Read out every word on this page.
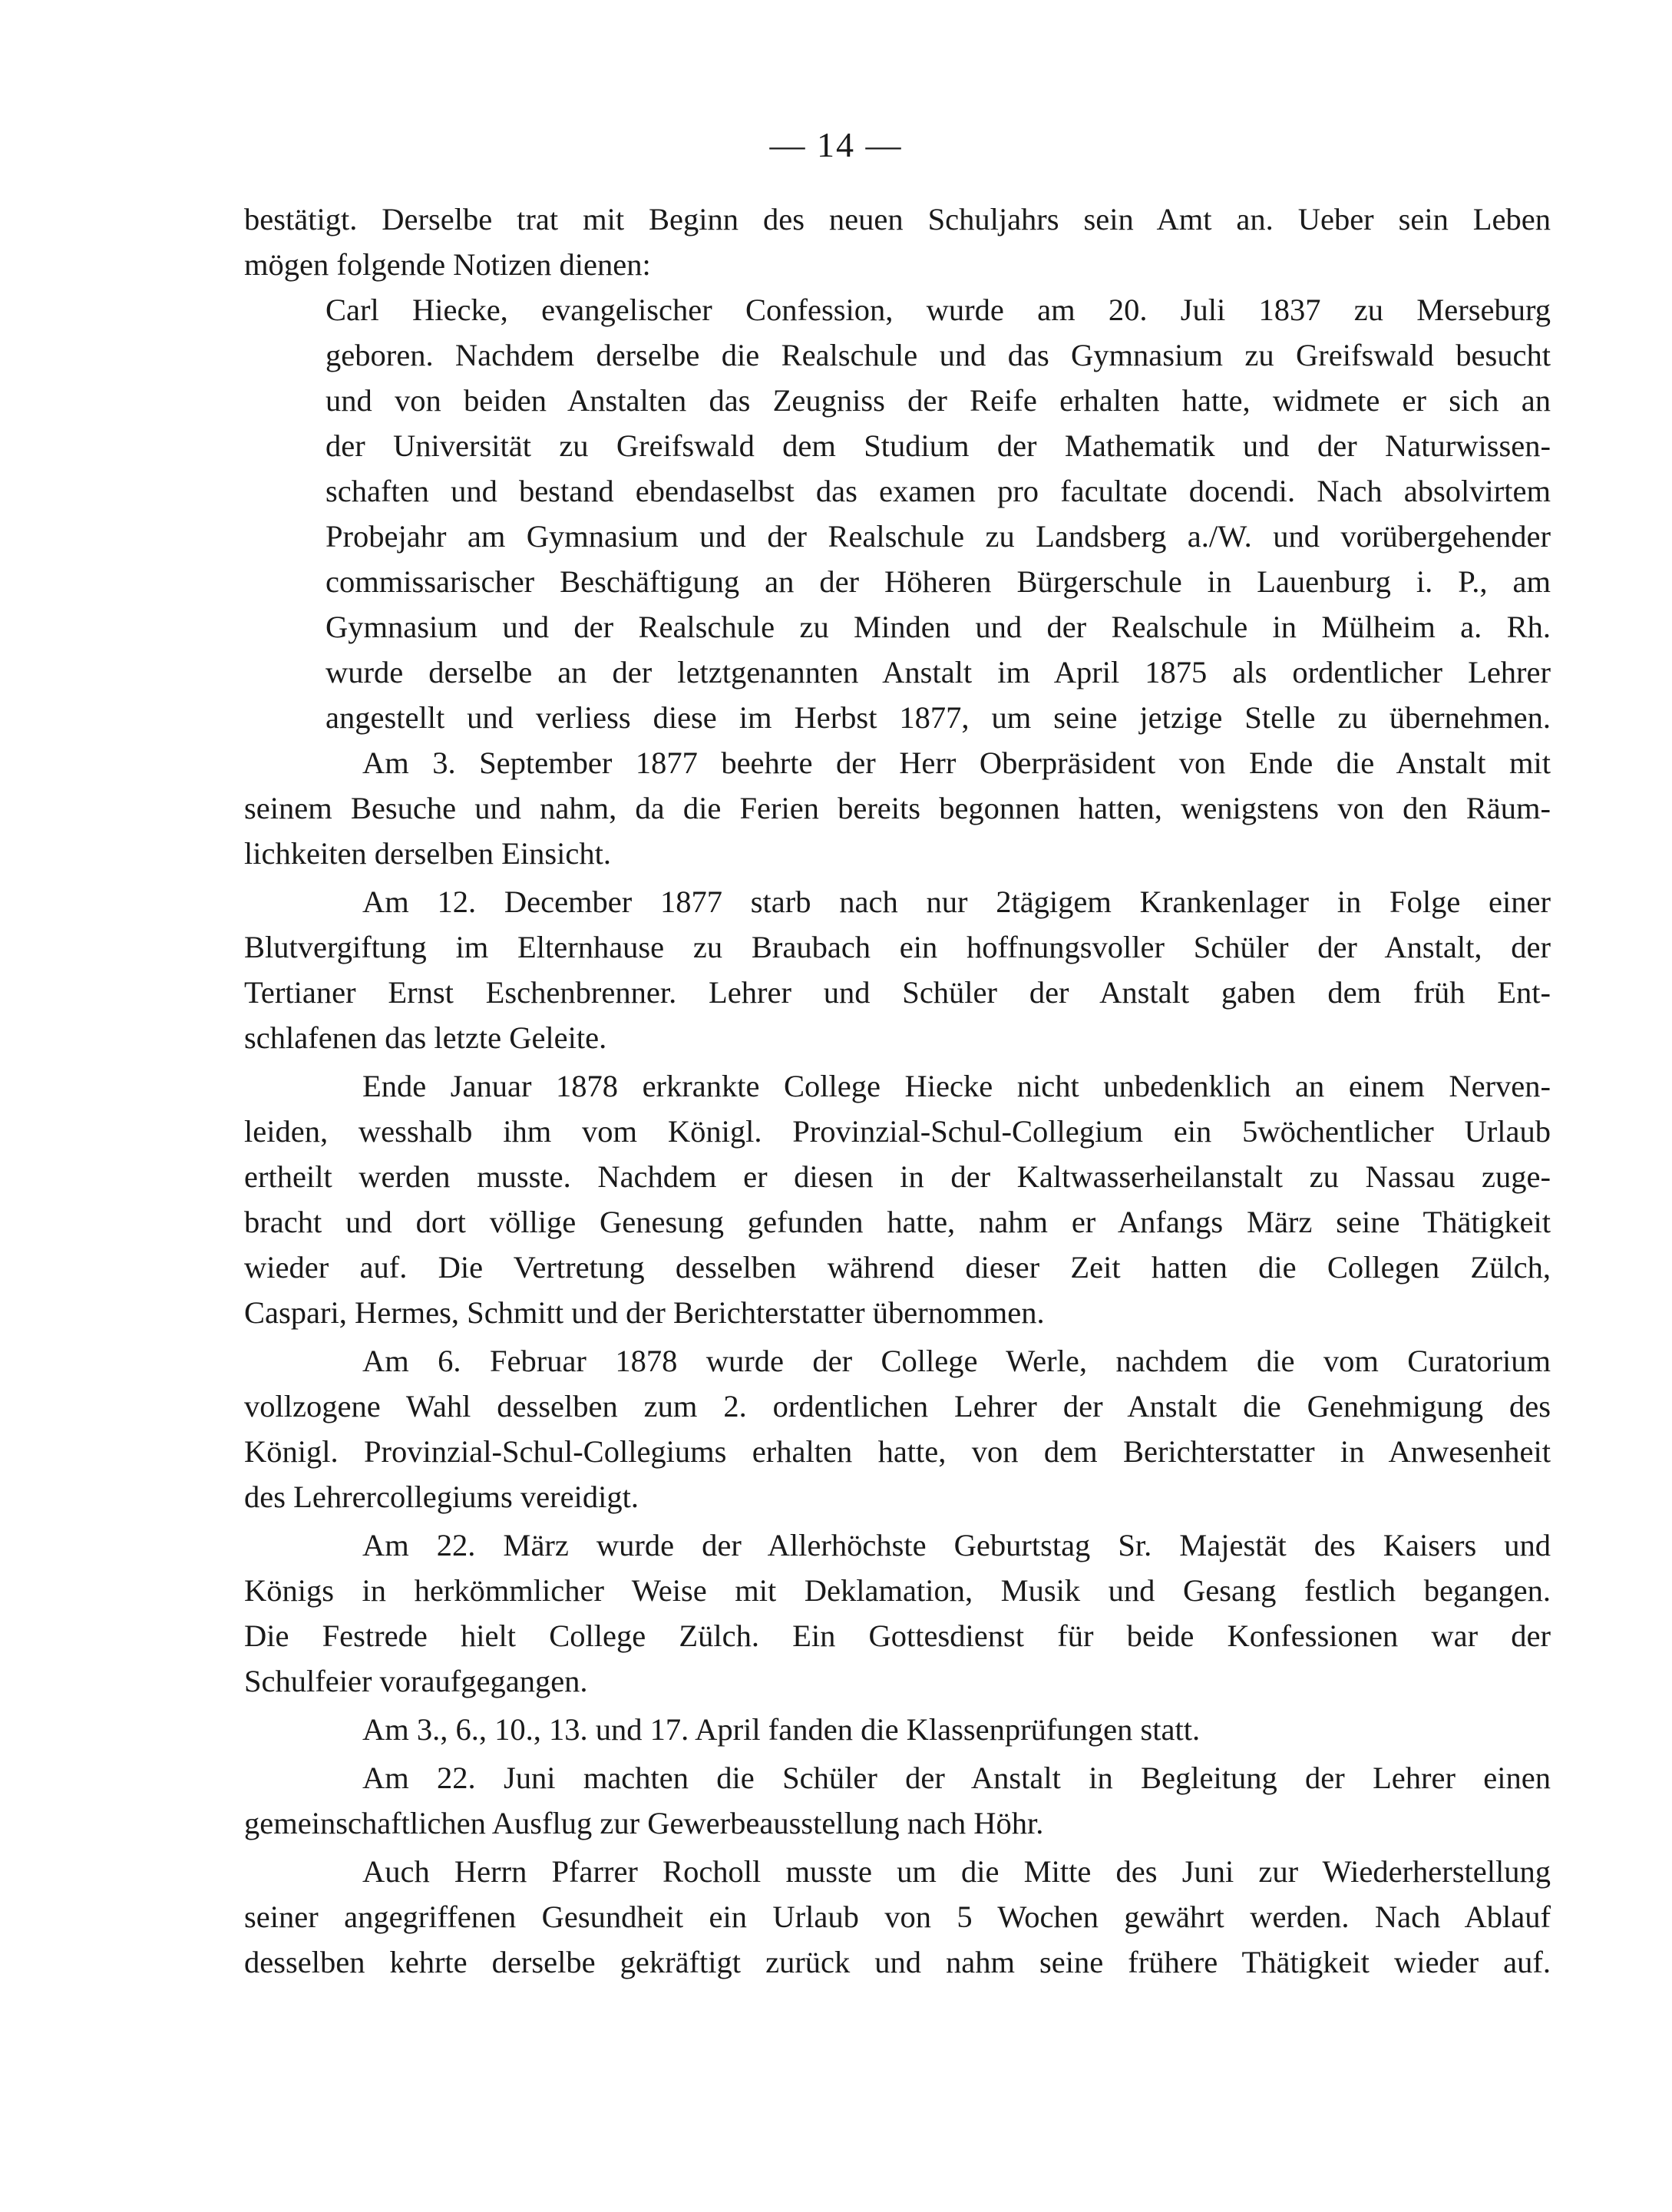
— 14 —
bestätigt. Derselbe trat mit Beginn des neuen Schuljahrs sein Amt an. Ueber sein Leben
mögen folgende Notizen dienen:
Carl Hiecke, evangelischer Confession, wurde am 20. Juli 1837 zu Merseburg
geboren. Nachdem derselbe die Realschule und das Gymnasium zu Greifswald besucht
und von beiden Anstalten das Zeugniss der Reife erhalten hatte, widmete er sich an
der Universität zu Greifswald dem Studium der Mathematik und der Naturwissen-
schaften und bestand ebendaselbst das examen pro facultate docendi. Nach absolvirtem
Probejahr am Gymnasium und der Realschule zu Landsberg a./W. und vorübergehender
commissarischer Beschäftigung an der Höheren Bürgerschule in Lauenburg i. P., am
Gymnasium und der Realschule zu Minden und der Realschule in Mülheim a. Rh.
wurde derselbe an der letztgenannten Anstalt im April 1875 als ordentlicher Lehrer
angestellt und verliess diese im Herbst 1877, um seine jetzige Stelle zu übernehmen.
Am 3. September 1877 beehrte der Herr Oberpräsident von Ende die Anstalt mit
seinem Besuche und nahm, da die Ferien bereits begonnen hatten, wenigstens von den Räum-
lichkeiten derselben Einsicht.
Am 12. December 1877 starb nach nur 2tägigem Krankenlager in Folge einer
Blutvergiftung im Elternhause zu Braubach ein hoffnungsvoller Schüler der Anstalt, der
Tertianer Ernst Eschenbrenner. Lehrer und Schüler der Anstalt gaben dem früh Ent-
schlafenen das letzte Geleite.
Ende Januar 1878 erkrankte College Hiecke nicht unbedenklich an einem Nerven-
leiden, wesshalb ihm vom Königl. Provinzial-Schul-Collegium ein 5wöchentlicher Urlaub
ertheilt werden musste. Nachdem er diesen in der Kaltwasserheilanstalt zu Nassau zuge-
bracht und dort völlige Genesung gefunden hatte, nahm er Anfangs März seine Thätigkeit
wieder auf. Die Vertretung desselben während dieser Zeit hatten die Collegen Zülch,
Caspari, Hermes, Schmitt und der Berichterstatter übernommen.
Am 6. Februar 1878 wurde der College Werle, nachdem die vom Curatorium
vollzogene Wahl desselben zum 2. ordentlichen Lehrer der Anstalt die Genehmigung des
Königl. Provinzial-Schul-Collegiums erhalten hatte, von dem Berichterstatter in Anwesenheit
des Lehrercollegiums vereidigt.
Am 22. März wurde der Allerhöchste Geburtstag Sr. Majestät des Kaisers und
Königs in herkömmlicher Weise mit Deklamation, Musik und Gesang festlich begangen.
Die Festrede hielt College Zülch. Ein Gottesdienst für beide Konfessionen war der
Schulfeier voraufgegangen.
Am 3., 6., 10., 13. und 17. April fanden die Klassenprüfungen statt.
Am 22. Juni machten die Schüler der Anstalt in Begleitung der Lehrer einen
gemeinschaftlichen Ausflug zur Gewerbeausstellung nach Höhr.
Auch Herrn Pfarrer Rocholl musste um die Mitte des Juni zur Wiederherstellung
seiner angegriffenen Gesundheit ein Urlaub von 5 Wochen gewährt werden. Nach Ablauf
desselben kehrte derselbe gekräftigt zurück und nahm seine frühere Thätigkeit wieder auf.
